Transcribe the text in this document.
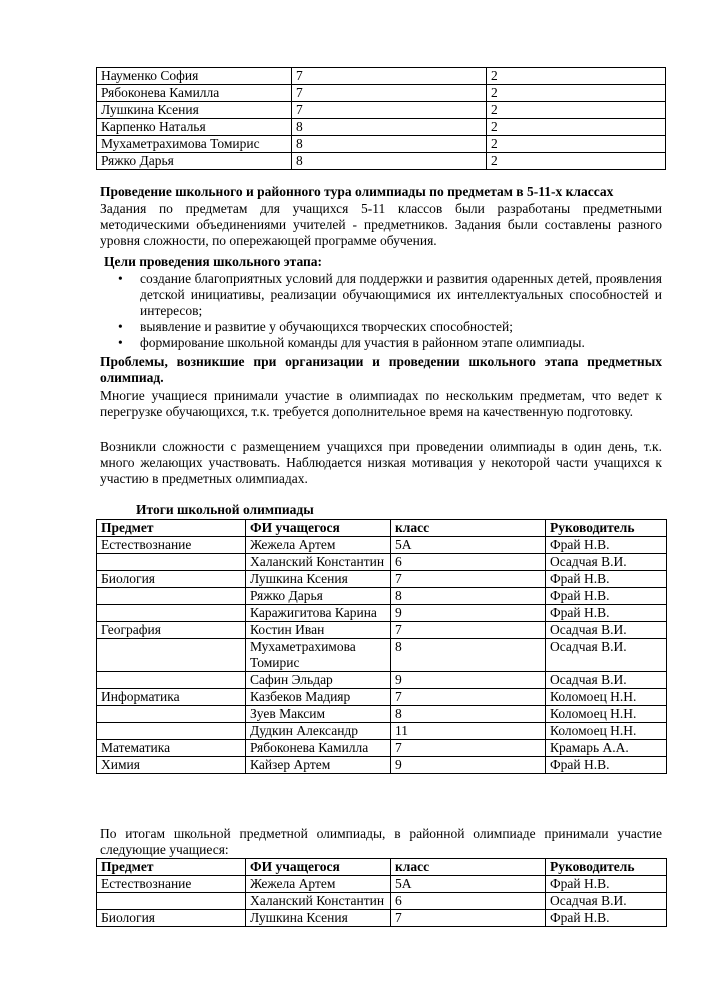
Науменко София	7	2
Рябоконева Камилла	7	2
Лушкина Ксения	7	2
Карпенко Наталья	8	2
Мухаметрахимова Томирис	8	2
Ряжко Дарья	8	2
Проведение школьного и районного тура олимпиады по предметам в 5-11-х классах
Задания по предметам для учащихся 5-11 классов были разработаны предметными методическими объединениями учителей - предметников. Задания были составлены разного уровня сложности, по опережающей программе обучения.
Цели проведения школьного этапа:
• создание благоприятных условий для поддержки и развития одаренных детей, проявления детской инициативы, реализации обучающимися их интеллектуальных способностей и интересов;
• выявление и развитие у обучающихся творческих способностей;
• формирование школьной команды для участия в районном этапе олимпиады.
Проблемы, возникшие при организации и проведении школьного этапа предметных олимпиад.
Многие учащиеся принимали участие в олимпиадах по нескольким предметам, что ведет к перегрузке обучающихся, т.к. требуется дополнительное время на качественную подготовку.
Возникли сложности с размещением учащихся при проведении олимпиады в один день, т.к. много желающих участвовать. Наблюдается низкая мотивация у некоторой части учащихся к участию в предметных олимпиадах.
Итоги школьной олимпиады
Предмет	ФИ учащегося	класс	Руководитель
Естествознание	Жежела Артем	5А	Фрай Н.В.
	Халанский Константин	6	Осадчая В.И.
Биология	Лушкина Ксения	7	Фрай Н.В.
	Ряжко Дарья	8	Фрай Н.В.
	Каражигитова Карина	9	Фрай Н.В.
География	Костин Иван	7	Осадчая В.И.
	Мухаметрахимова Томирис	8	Осадчая В.И.
	Сафин Эльдар	9	Осадчая В.И.
Информатика	Казбеков Мадияр	7	Коломоец Н.Н.
	Зуев Максим	8	Коломоец Н.Н.
	Дудкин Александр	11	Коломоец Н.Н.
Математика	Рябоконева Камилла	7	Крамарь А.А.
Химия	Кайзер Артем	9	Фрай Н.В.
По итогам школьной предметной олимпиады, в районной олимпиаде принимали участие следующие учащиеся:
Предмет	ФИ учащегося	класс	Руководитель
Естествознание	Жежела Артем	5А	Фрай Н.В.
	Халанский Константин	6	Осадчая В.И.
Биология	Лушкина Ксения	7	Фрай Н.В.
